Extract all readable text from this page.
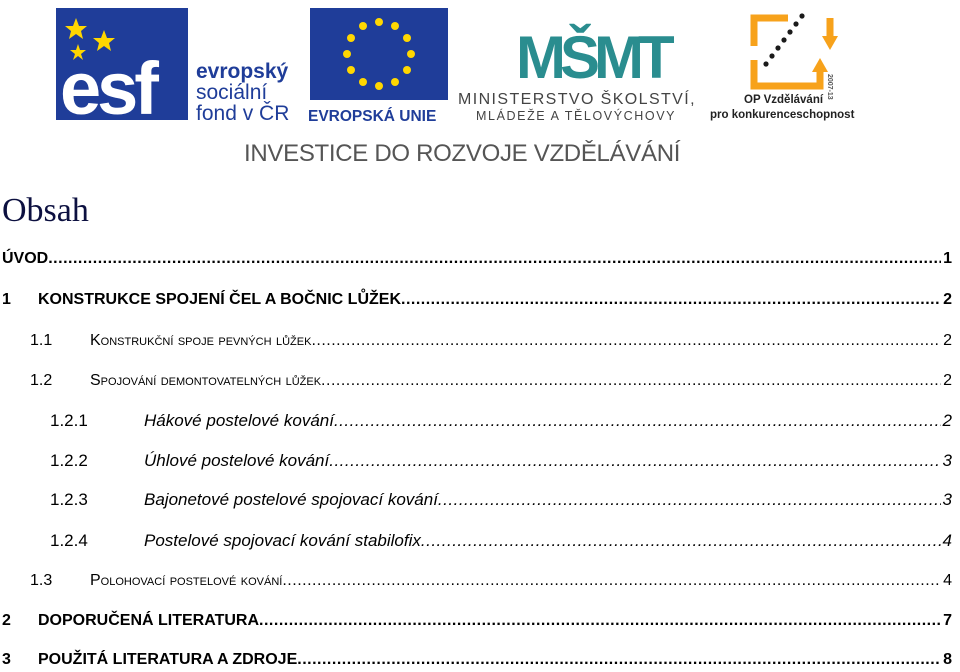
esf evropský
sociální
fond v ČR EVROPSKÁ UNIE
MŠMT
MINISTERSTVO ŠKOLSTVÍ,
MLÁDEŽE A TĚLOVÝCHOVY
2007-13
OP Vzdělávání
pro konkurenceschopnost
INVESTICE DO ROZVOJE VZDĚLÁVÁNÍ
Obsah
ÚVOD .....	1
1 KONSTRUKCE SPOJENÍ ČEL A BOČNIC LŮŽEK .....	2
1.1 Konstrukční spoje pevných lůžek .....	2
1.2 Spojování demontovatelných lůžek .....	2
1.2.1	Hákové postelové kování .....	2
1.2.2	Úhlové postelové kování .....	3
1.2.3	Bajonetové postelové spojovací kování .....	3
1.2.4	Postelové spojovací kování stabilofix .....	4
1.3 Polohovací postelové kování .....	4
2 DOPORUČENÁ LITERATURA .....	7
3 POUŽITÁ LITERATURA A ZDROJE .....	8
